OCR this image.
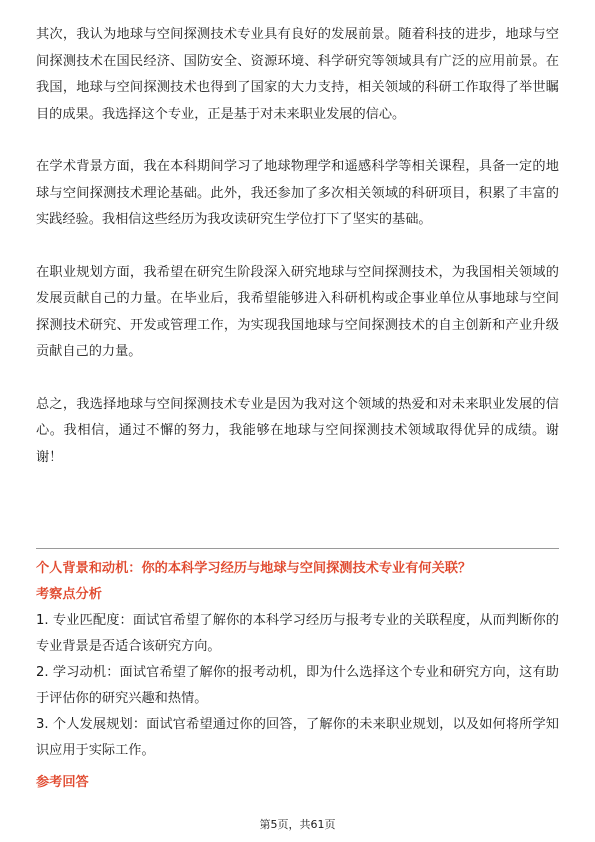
其次，我认为地球与空间探测技术专业具有良好的发展前景。随着科技的进步，地球与空间探测技术在国民经济、国防安全、资源环境、科学研究等领域具有广泛的应用前景。在我国，地球与空间探测技术也得到了国家的大力支持，相关领域的科研工作取得了举世瞩目的成果。我选择这个专业，正是基于对未来职业发展的信心。

在学术背景方面，我在本科期间学习了地球物理学和遥感科学等相关课程，具备一定的地球与空间探测技术理论基础。此外，我还参加了多次相关领域的科研项目，积累了丰富的实践经验。我相信这些经历为我攻读研究生学位打下了坚实的基础。

在职业规划方面，我希望在研究生阶段深入研究地球与空间探测技术，为我国相关领域的发展贡献自己的力量。在毕业后，我希望能够进入科研机构或企事业单位从事地球与空间探测技术研究、开发或管理工作，为实现我国地球与空间探测技术的自主创新和产业升级贡献自己的力量。

总之，我选择地球与空间探测技术专业是因为我对这个领域的热爱和对未来职业发展的信心。我相信，通过不懈的努力，我能够在地球与空间探测技术领域取得优异的成绩。谢谢！

个人背景和动机：你的本科学习经历与地球与空间探测技术专业有何关联？

考察点分析

1. 专业匹配度：面试官希望了解你的本科学习经历与报考专业的关联程度，从而判断你的专业背景是否适合该研究方向。

2. 学习动机：面试官希望了解你的报考动机，即为什么选择这个专业和研究方向，这有助于评估你的研究兴趣和热情。

3. 个人发展规划：面试官希望通过你的回答，了解你的未来职业规划，以及如何将所学知识应用于实际工作。

参考回答

第5页，共61页
